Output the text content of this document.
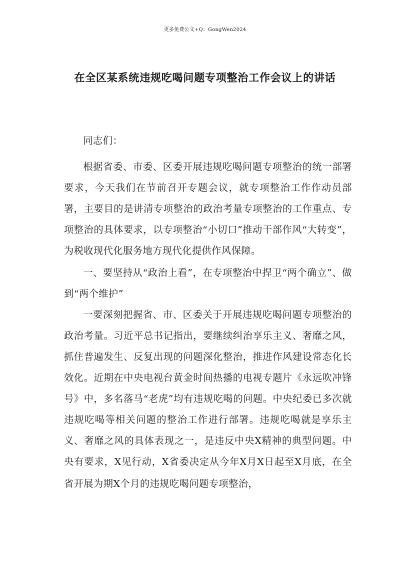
更多免费公文+Q：GongWen2024
在全区某系统违规吃喝问题专项整治工作会议上的讲话

同志们：

根据省委、市委、区委开展违规吃喝问题专项整治的统一部署要求，今天我们在节前召开专题会议，就专项整治工作作动员部署，主要目的是讲清专项整治的政治考量专项整治的工作重点、专项整治的具体要求，以专项整治“小切口”推动干部作风“大转变”，为税收现代化服务地方现代化提供作风保障。

一、要坚持从“政治上看”，在专项整治中捍卫“两个确立”、做到“两个维护”

一要深刻把握省、市、区委关于开展违规吃喝问题专项整治的政治考量。习近平总书记指出，要继续纠治享乐主义、奢靡之风，抓住普遍发生、反复出现的问题深化整治，推进作风建设常态化长效化。近期在中央电视台黄金时间热播的电视专题片《永远吹冲锋号》中，多名落马“老虎”均有违规吃喝的问题。中央纪委已多次就违规吃喝等相关问题的整治工作进行部署。违规吃喝就是享乐主义、奢靡之风的具体表现之一，是违反中央Ⅹ精神的典型问题。中央有要求，Ⅹ见行动，Ⅹ省委决定从今年Ⅹ月Ⅹ日起至Ⅹ月底，在全省开展为期Ⅹ个月的违规吃喝问题专项整治，
